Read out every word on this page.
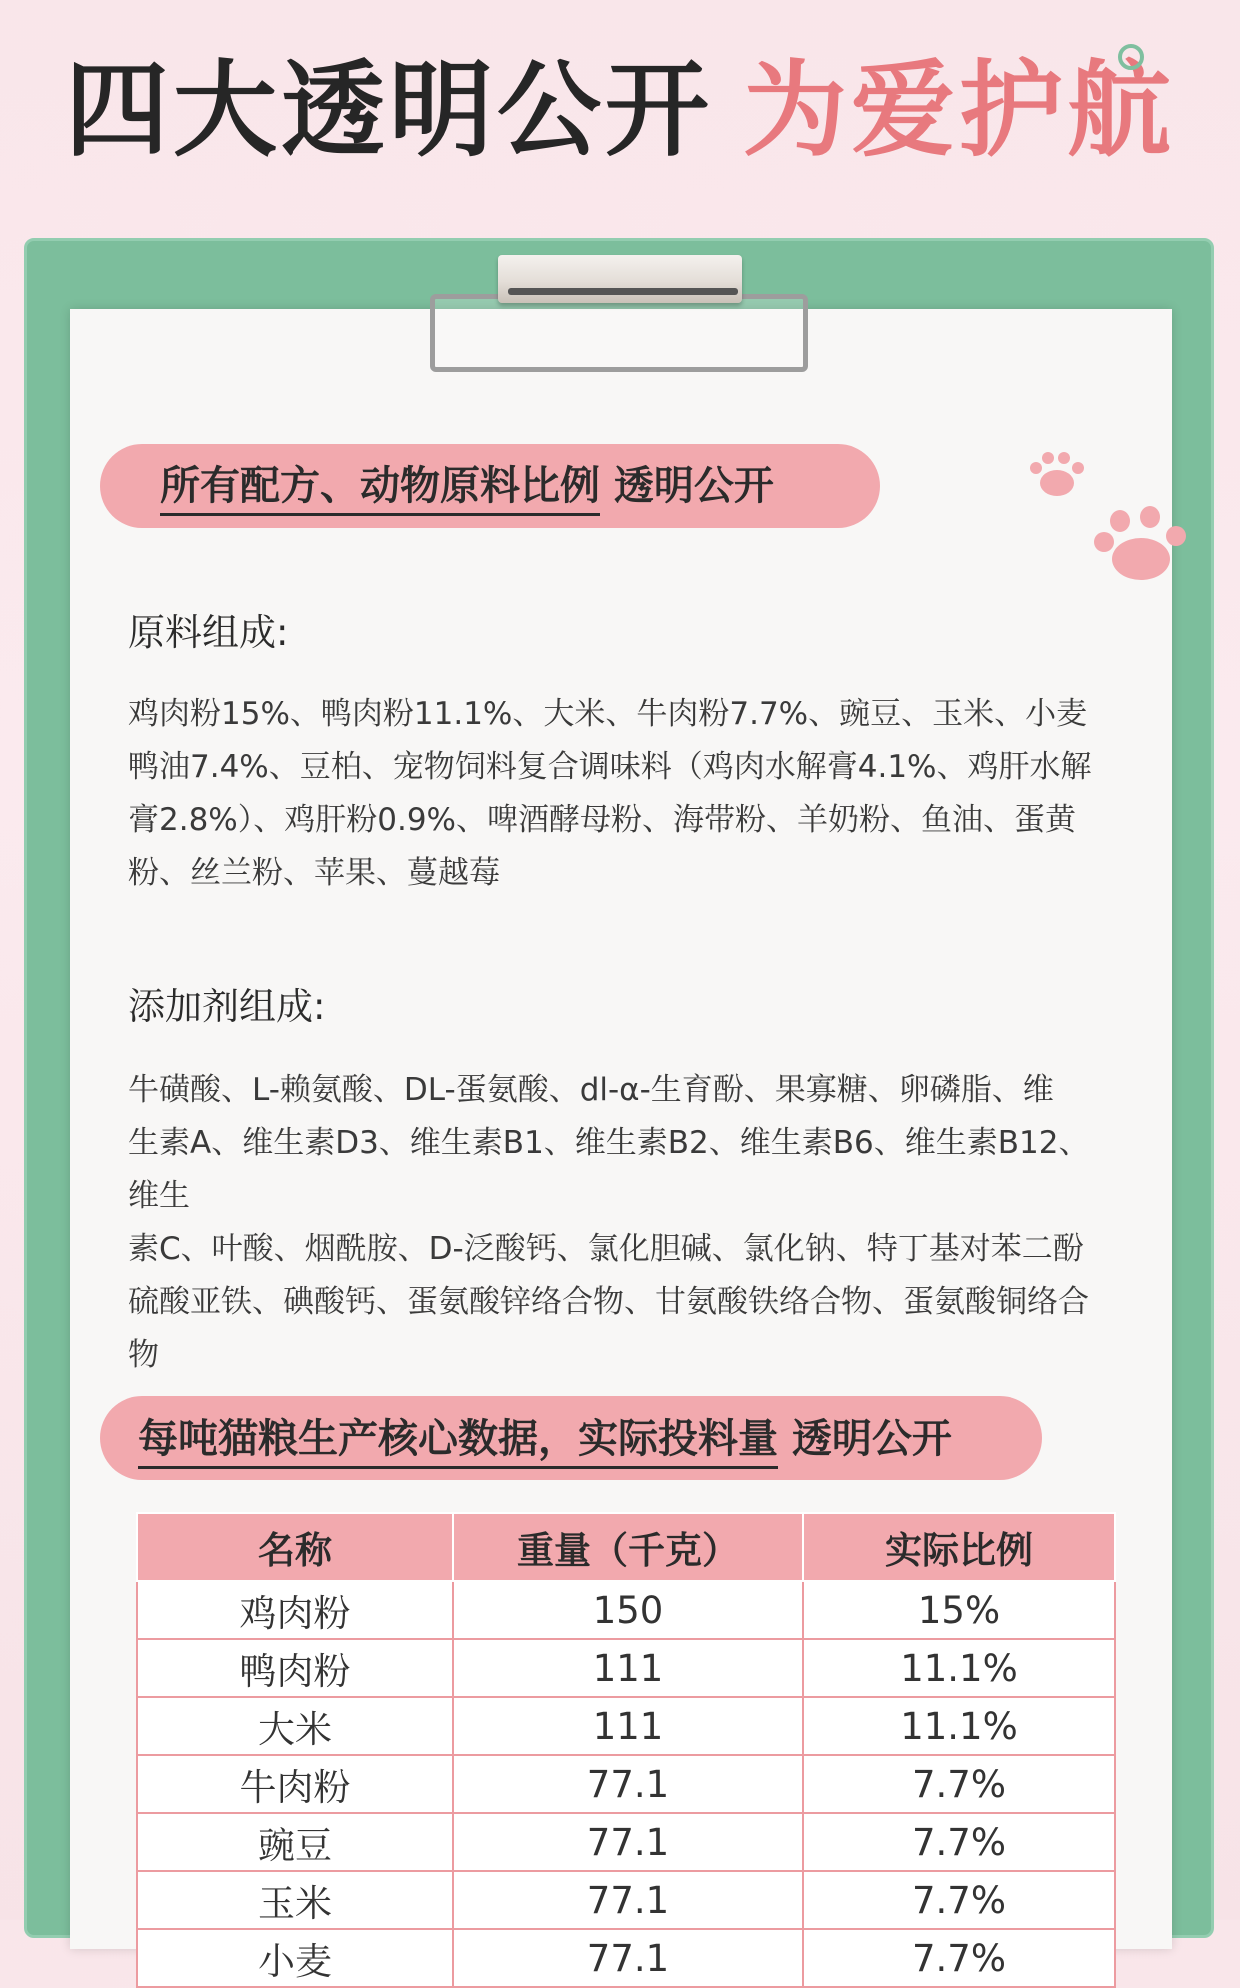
四大透明公开 为爱护航
所有配方、动物原料比例 透明公开
原料组成:
鸡肉粉15%、鸭肉粉11.1%、大米、牛肉粉7.7%、豌豆、玉米、小麦
鸭油7.4%、豆柏、宠物饲料复合调味料（鸡肉水解膏4.1%、鸡肝水解
膏2.8%）、鸡肝粉0.9%、啤酒酵母粉、海带粉、羊奶粉、鱼油、蛋黄
粉、丝兰粉、苹果、蔓越莓
添加剂组成:
牛磺酸、L-赖氨酸、DL-蛋氨酸、dl-α-生育酚、果寡糖、卵磷脂、维
生素A、维生素D3、维生素B1、维生素B2、维生素B6、维生素B12、维生
素C、叶酸、烟酰胺、D-泛酸钙、氯化胆碱、氯化钠、特丁基对苯二酚
硫酸亚铁、碘酸钙、蛋氨酸锌络合物、甘氨酸铁络合物、蛋氨酸铜络合
物
每吨猫粮生产核心数据，实际投料量 透明公开
名称	重量（千克）	实际比例
鸡肉粉	150	15%
鸭肉粉	111	11.1%
大米	111	11.1%
牛肉粉	77.1	7.7%
豌豆	77.1	7.7%
玉米	77.1	7.7%
小麦	77.1	7.7%
